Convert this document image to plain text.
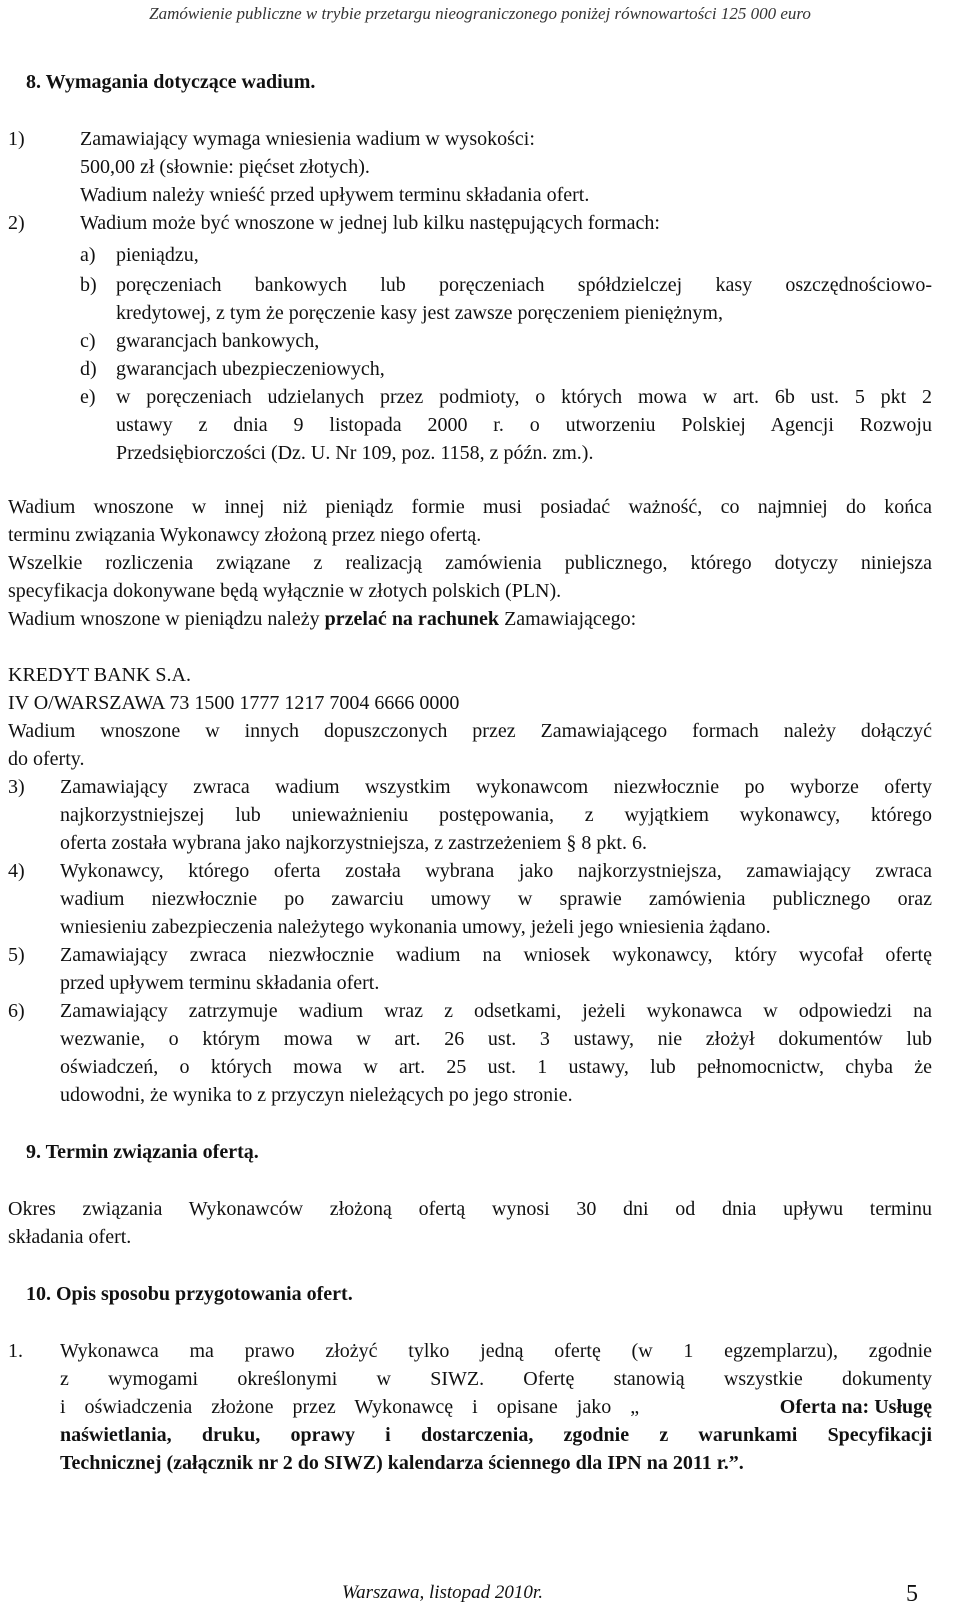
Zamówienie publiczne w trybie przetargu nieograniczonego poniżej równowartości 125 000 euro
8. Wymagania dotyczące wadium.
1)	Zamawiający wymaga wniesienia wadium w wysokości:
500,00 zł (słownie: pięćset złotych).
Wadium należy wnieść przed upływem terminu składania ofert.
2)	Wadium może być wnoszone w jednej lub kilku następujących formach:
a) pieniądzu,
b) poręczeniach bankowych lub poręczeniach spółdzielczej kasy oszczędnościowo-
kredytowej, z tym że poręczenie kasy jest zawsze poręczeniem pieniężnym,
c) gwarancjach bankowych,
d) gwarancjach ubezpieczeniowych,
e) w poręczeniach udzielanych przez podmioty, o których mowa w art. 6b ust. 5 pkt 2
ustawy z dnia 9 listopada 2000 r. o utworzeniu Polskiej Agencji Rozwoju
Przedsiębiorczości (Dz. U. Nr 109, poz. 1158, z późn. zm.).
Wadium wnoszone w innej niż pieniądz formie musi posiadać ważność, co najmniej do końca
terminu związania Wykonawcy złożoną przez niego ofertą.
Wszelkie rozliczenia związane z realizacją zamówienia publicznego, którego dotyczy niniejsza
specyfikacja dokonywane będą wyłącznie w złotych polskich (PLN).
Wadium wnoszone w pieniądzu należy przelać na rachunek Zamawiającego:
KREDYT BANK S.A.
IV O/WARSZAWA 73 1500 1777 1217 7004 6666 0000
Wadium wnoszone w innych dopuszczonych przez Zamawiającego formach należy dołączyć
do oferty.
3) Zamawiający zwraca wadium wszystkim wykonawcom niezwłocznie po wyborze oferty
najkorzystniejszej lub unieważnieniu postępowania, z wyjątkiem wykonawcy, którego
oferta została wybrana jako najkorzystniejsza, z zastrzeżeniem § 8 pkt. 6.
4) Wykonawcy, którego oferta została wybrana jako najkorzystniejsza, zamawiający zwraca
wadium niezwłocznie po zawarciu umowy w sprawie zamówienia publicznego oraz
wniesieniu zabezpieczenia należytego wykonania umowy, jeżeli jego wniesienia żądano.
5) Zamawiający zwraca niezwłocznie wadium na wniosek wykonawcy, który wycofał ofertę
przed upływem terminu składania ofert.
6) Zamawiający zatrzymuje wadium wraz z odsetkami, jeżeli wykonawca w odpowiedzi na
wezwanie, o którym mowa w art. 26 ust. 3 ustawy, nie złożył dokumentów lub
oświadczeń, o których mowa w art. 25 ust. 1 ustawy, lub pełnomocnictw, chyba że
udowodni, że wynika to z przyczyn nieleżących po jego stronie.
9. Termin związania ofertą.
Okres związania Wykonawców złożoną ofertą wynosi 30 dni od dnia upływu terminu
składania ofert.
10. Opis sposobu przygotowania ofert.
1. Wykonawca ma prawo złożyć tylko jedną ofertę (w 1 egzemplarzu), zgodnie
z wymogami określonymi w SIWZ. Ofertę stanowią wszystkie dokumenty
i oświadczenia złożone przez Wykonawcę i opisane jako „	Oferta na: Usługę
naświetlania, druku, oprawy i dostarczenia, zgodnie z warunkami Specyfikacji
Technicznej (załącznik nr 2 do SIWZ) kalendarza ściennego dla IPN na 2011 r.”.
Warszawa, listopad 2010r.	5
